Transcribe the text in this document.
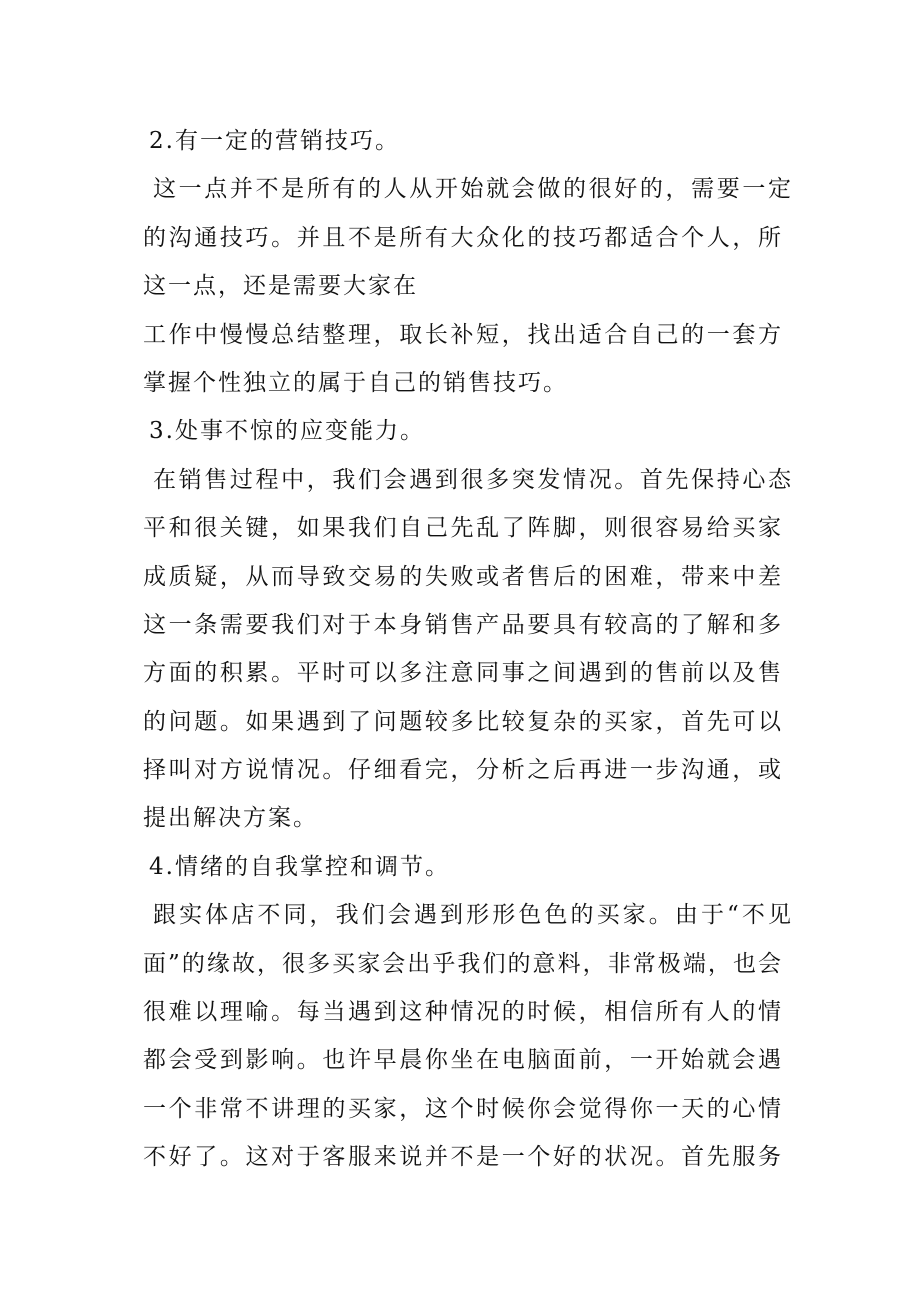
2.有一定的营销技巧。
这一点并不是所有的人从开始就会做的很好的，需要一定
的沟通技巧。并且不是所有大众化的技巧都适合个人，所
这一点，还是需要大家在
工作中慢慢总结整理，取长补短，找出适合自己的一套方
掌握个性独立的属于自己的销售技巧。
3.处事不惊的应变能力。
在销售过程中，我们会遇到很多突发情况。首先保持心态
平和很关键，如果我们自己先乱了阵脚，则很容易给买家
成质疑，从而导致交易的失败或者售后的困难，带来中差
这一条需要我们对于本身销售产品要具有较高的了解和多
方面的积累。平时可以多注意同事之间遇到的售前以及售
的问题。如果遇到了问题较多比较复杂的买家，首先可以
择叫对方说情况。仔细看完，分析之后再进一步沟通，或
提出解决方案。
4.情绪的自我掌控和调节。
跟实体店不同，我们会遇到形形色色的买家。由于“不见
面”的缘故，很多买家会出乎我们的意料，非常极端，也会
很难以理喻。每当遇到这种情况的时候，相信所有人的情
都会受到影响。也许早晨你坐在电脑面前，一开始就会遇
一个非常不讲理的买家，这个时候你会觉得你一天的心情
不好了。这对于客服来说并不是一个好的状况。首先服务
